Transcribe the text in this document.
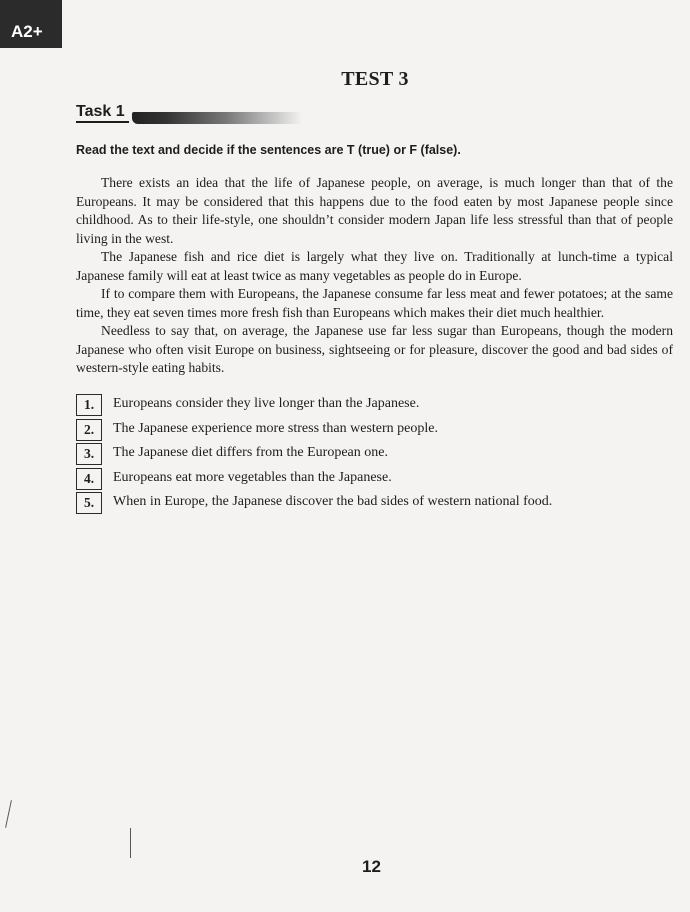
A2+
TEST 3
Task 1
Read the text and decide if the sentences are T (true) or F (false).

There exists an idea that the life of Japanese people, on average, is much longer than that of the Europeans. It may be considered that this happens due to the food eaten by most Japanese people since childhood. As to their life-style, one shouldn’t consider modern Japan life less stressful than that of people living in the west.

The Japanese fish and rice diet is largely what they live on. Traditionally at lunch-time a typical Japanese family will eat at least twice as many vegetables as people do in Europe.

If to compare them with Europeans, the Japanese consume far less meat and fewer potatoes; at the same time, they eat seven times more fresh fish than Europeans which makes their diet much healthier.

Needless to say that, on average, the Japanese use far less sugar than Europeans, though the modern Japanese who often visit Europe on business, sightseeing or for pleasure, discover the good and bad sides of western-style eating habits.

1.	Europeans consider they live longer than the Japanese.
2.	The Japanese experience more stress than western people.
3.	The Japanese diet differs from the European one.
4.	Europeans eat more vegetables than the Japanese.
5.	When in Europe, the Japanese discover the bad sides of western national food.
12
